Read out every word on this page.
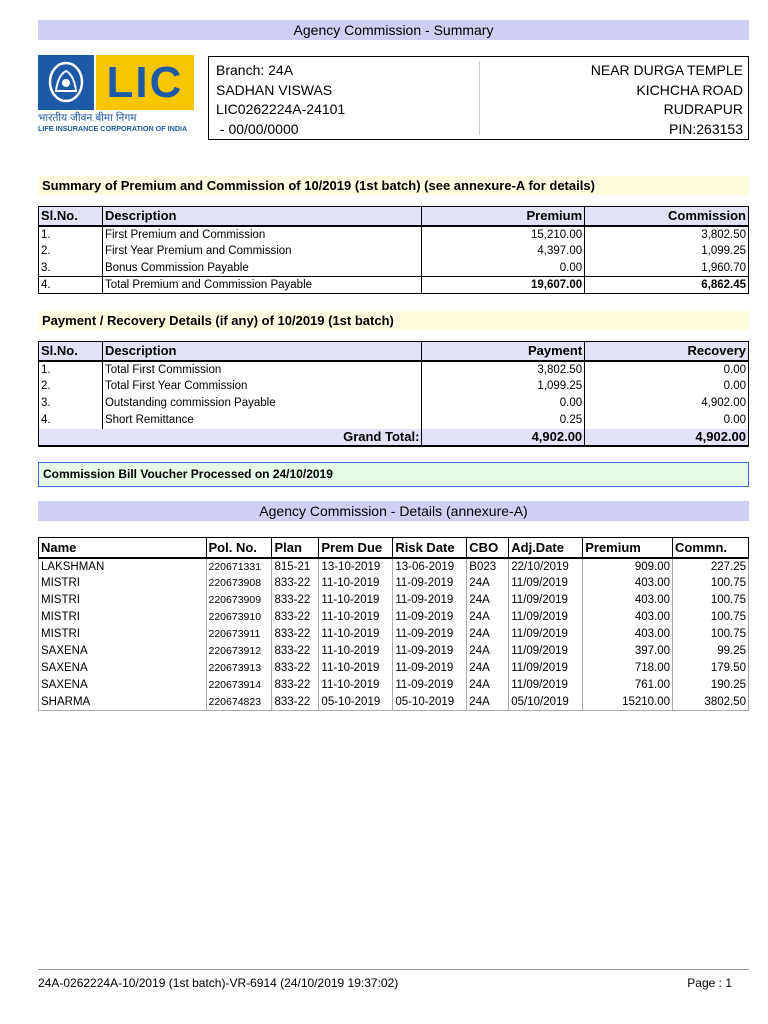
Agency Commission - Summary
LIC
भारतीय जीवन बीमा निगम
LIFE INSURANCE CORPORATION OF INDIA
Branch: 24A
SADHAN VISWAS
LIC0262224A-24101
- 00/00/0000
NEAR DURGA TEMPLE
KICHCHA ROAD
RUDRAPUR
PIN:263153
Summary of Premium and Commission of 10/2019 (1st batch) (see annexure-A for details)
Sl.No.	Description	Premium	Commission
1.	First Premium and Commission	15,210.00	3,802.50
2.	First Year Premium and Commission	4,397.00	1,099.25
3.	Bonus Commission Payable	0.00	1,960.70
4.	Total Premium and Commission Payable	19,607.00	6,862.45
Payment / Recovery Details (if any) of 10/2019 (1st batch)
Sl.No.	Description	Payment	Recovery
1.	Total First Commission	3,802.50	0.00
2.	Total First Year Commission	1,099.25	0.00
3.	Outstanding commission Payable	0.00	4,902.00
4.	Short Remittance	0.25	0.00
Grand Total:		4,902.00	4,902.00
Commission Bill Voucher Processed on 24/10/2019
Agency Commission - Details (annexure-A)
Name	Pol. No.	Plan	Prem Due	Risk Date	CBO	Adj.Date	Premium	Commn.
LAKSHMAN	220671331	815-21	13-10-2019	13-06-2019	B023	22/10/2019	909.00	227.25
MISTRI	220673908	833-22	11-10-2019	11-09-2019	24A	11/09/2019	403.00	100.75
MISTRI	220673909	833-22	11-10-2019	11-09-2019	24A	11/09/2019	403.00	100.75
MISTRI	220673910	833-22	11-10-2019	11-09-2019	24A	11/09/2019	403.00	100.75
MISTRI	220673911	833-22	11-10-2019	11-09-2019	24A	11/09/2019	403.00	100.75
SAXENA	220673912	833-22	11-10-2019	11-09-2019	24A	11/09/2019	397.00	99.25
SAXENA	220673913	833-22	11-10-2019	11-09-2019	24A	11/09/2019	718.00	179.50
SAXENA	220673914	833-22	11-10-2019	11-09-2019	24A	11/09/2019	761.00	190.25
SHARMA	220674823	833-22	05-10-2019	05-10-2019	24A	05/10/2019	15210.00	3802.50
24A-0262224A-10/2019 (1st batch)-VR-6914 (24/10/2019 19:37:02)	Page : 1
